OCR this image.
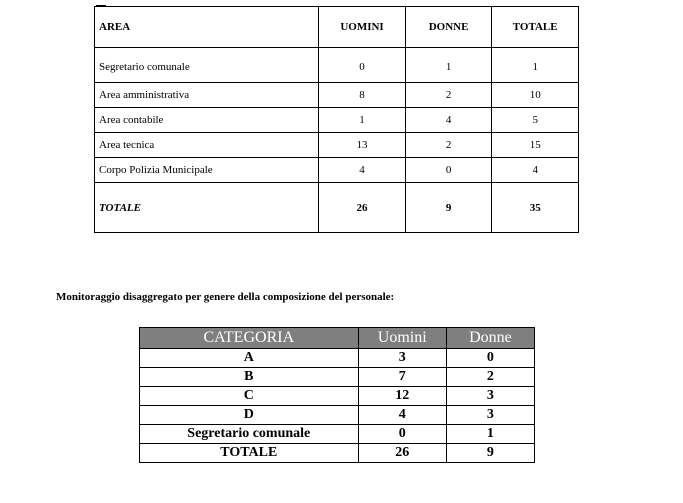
AREA	UOMINI	DONNE	TOTALE
Segretario comunale	0	1	1
Area amministrativa	8	2	10
Area contabile	1	4	5
Area tecnica	13	2	15
Corpo Polizia Municipale	4	0	4
TOTALE	26	9	35
Monitoraggio disaggregato per genere della composizione del personale:
CATEGORIA	Uomini	Donne
A	3	0
B	7	2
C	12	3
D	4	3
Segretario comunale	0	1
TOTALE	26	9
